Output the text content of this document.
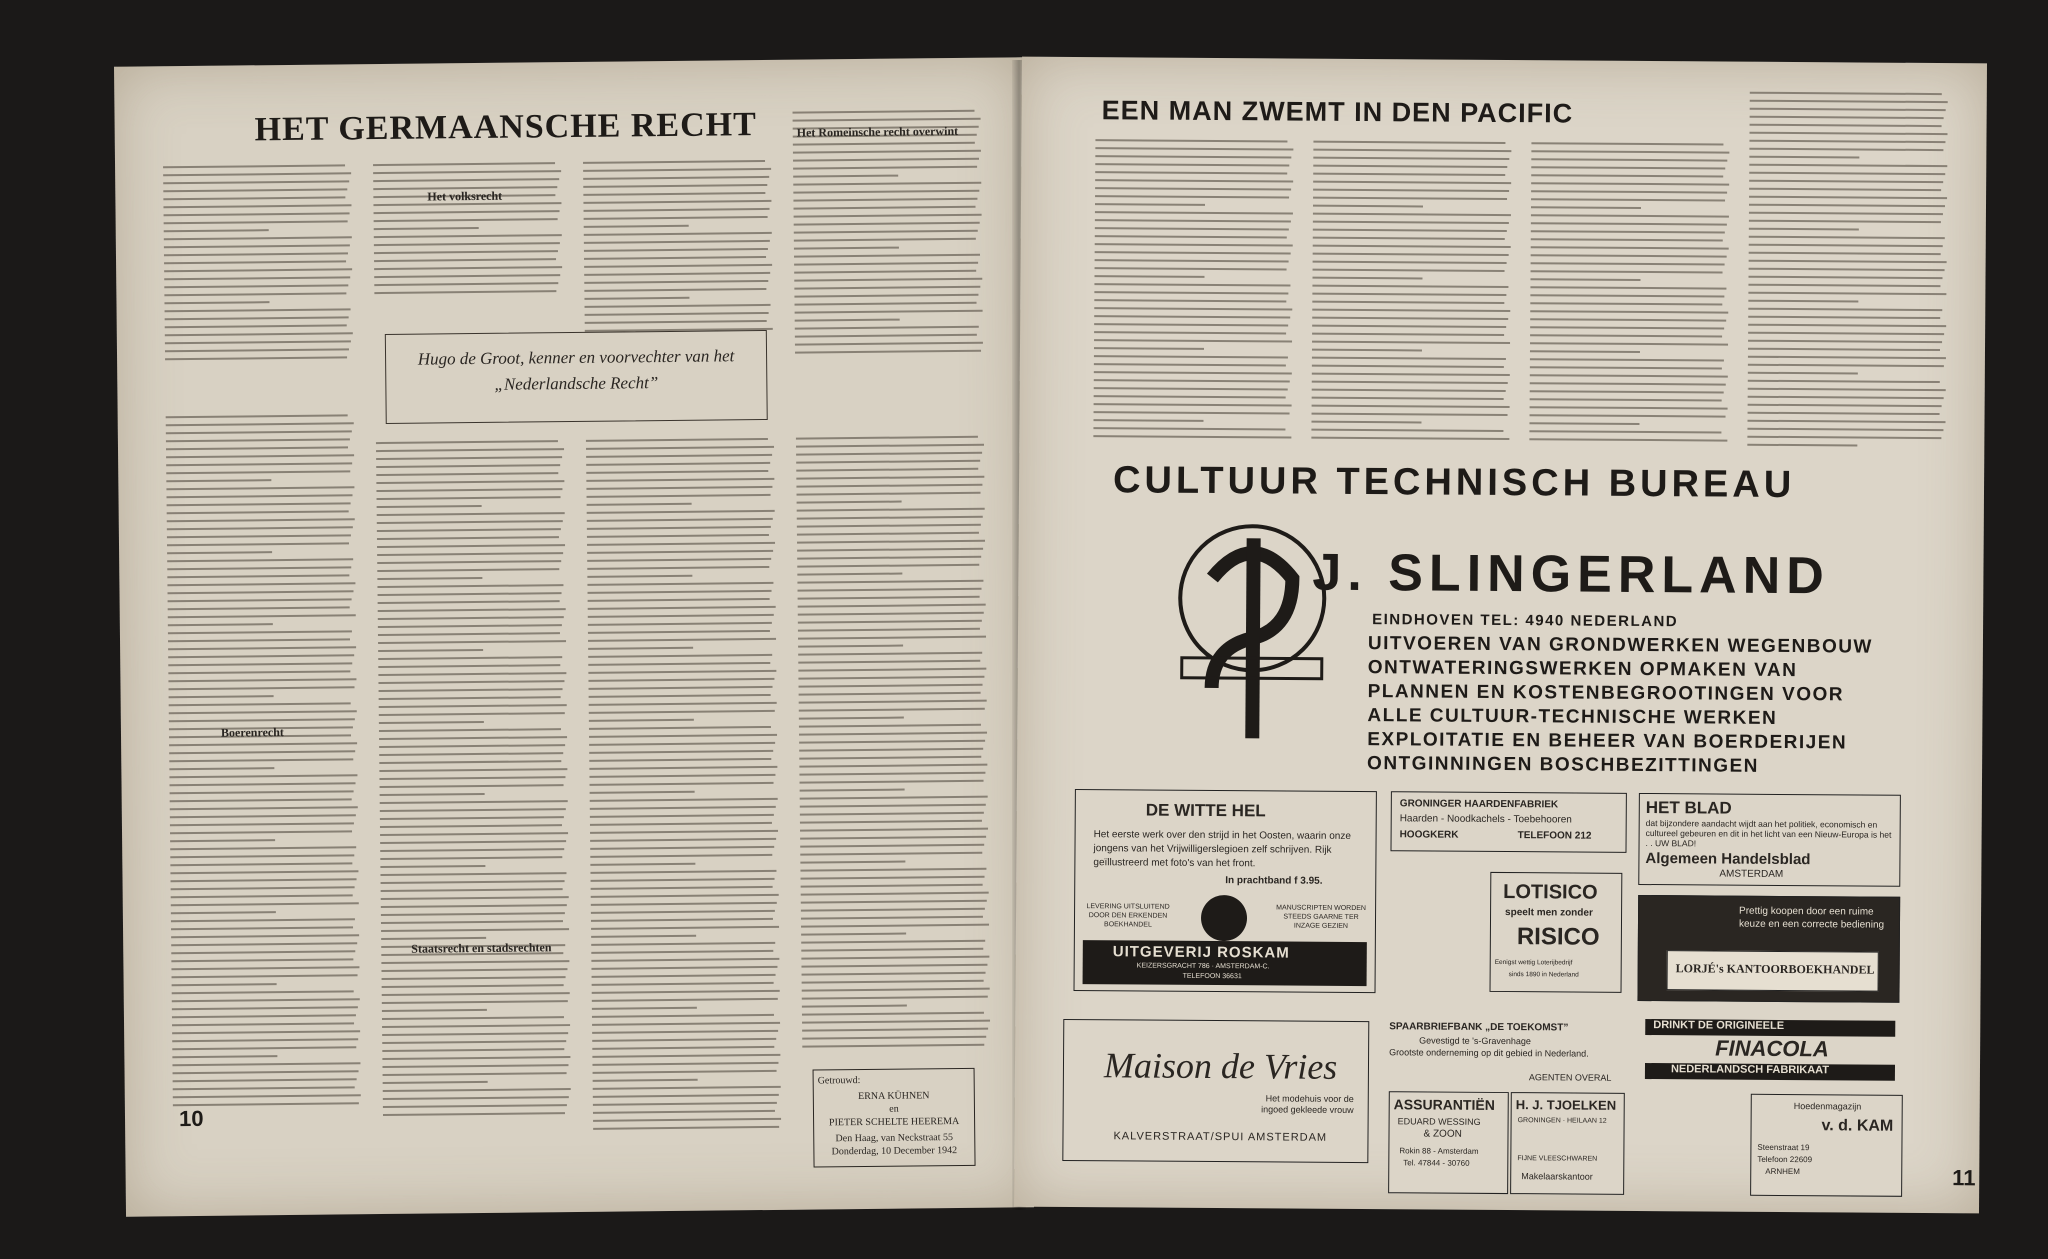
HET GERMAANSCHE RECHT
Het volksrecht
Het Romeinsche recht overwint
Hugo de Groot, kenner en voorvechter van het „Nederlandsche Recht”
Boerenrecht
Staatsrecht en stadsrechten
Getrouwd:
ERNA KÜHNEN
en
PIETER SCHELTE HEEREMA
Den Haag, van Neckstraat 55
Donderdag, 10 December 1942
10
EEN MAN ZWEMT IN DEN PACIFIC
CULTUUR TECHNISCH BUREAU
J. SLINGERLAND
EINDHOVEN TEL: 4940 NEDERLAND
UITVOEREN VAN GRONDWERKEN WEGENBOUW
ONTWATERINGSWERKEN OPMAKEN VAN
PLANNEN EN KOSTENBEGROOTINGEN VOOR
ALLE CULTUUR-TECHNISCHE WERKEN
EXPLOITATIE EN BEHEER VAN BOERDERIJEN
ONTGINNINGEN BOSCHBEZITTINGEN
DE WITTE HEL
Het eerste werk over den strijd in het Oosten, waarin onze jongens van het Vrijwilligerslegioen zelf schrijven. Rijk geïllustreerd met foto's van het front.
In prachtband f 3.95.
LEVERING UITSLUITEND DOOR DEN ERKENDEN BOEKHANDEL
MANUSCRIPTEN WORDEN STEEDS GAARNE TER INZAGE GEZIEN
UITGEVERIJ ROSKAM
KEIZERSGRACHT 786 · AMSTERDAM-C.
TELEFOON 36631
GRONINGER HAARDENFABRIEK
Haarden - Noodkachels - Toebehooren
HOOGKERK	TELEFOON 212
HET BLAD
dat bijzondere aandacht wijdt aan het politiek, economisch en cultureel gebeuren en dit in het licht van een Nieuw-Europa is het . . UW BLAD!
Algemeen Handelsblad
AMSTERDAM
LOTISICO
speelt men zonder
RISICO
Eenigst wettig Loterijbedrijf
sinds 1890 in Nederland
Prettig koopen door een ruime keuze en een correcte bediening
LORJÉ's KANTOORBOEKHANDEL
Maison de Vries
Het modehuis voor de ingoed gekleede vrouw
KALVERSTRAAT/SPUI AMSTERDAM
SPAARBRIEFBANK „DE TOEKOMST”
Gevestigd te 's-Gravenhage
Grootste onderneming op dit gebied in Nederland.
AGENTEN OVERAL
DRINKT DE ORIGINEELE
FINACOLA
NEDERLANDSCH FABRIKAAT
ASSURANTIËN
EDUARD WESSING
& ZOON
Rokin 88 - Amsterdam
Tel. 47844 - 30760
H. J. TJOELKEN
GRONINGEN · HEILAAN 12
FIJNE VLEESCHWAREN
Makelaarskantoor
Hoedenmagazijn
v. d. KAM
Steenstraat 19
Telefoon 22609
ARNHEM	11
